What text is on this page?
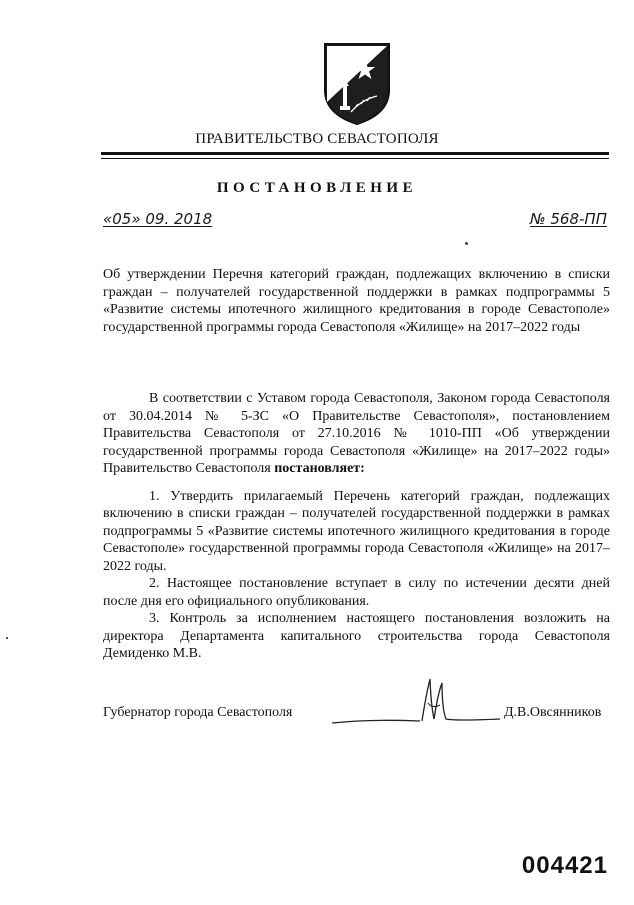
ПРАВИТЕЛЬСТВО СЕВАСТОПОЛЯ
ПОСТАНОВЛЕНИЕ
«05» 09. 2018	№ 568-ПП
Об утверждении Перечня категорий граждан, подлежащих включению в списки граждан – получателей государственной поддержки в рамках подпрограммы 5 «Развитие системы ипотечного жилищного кредитования в городе Севастополе» государственной программы города Севастополя «Жилище» на 2017–2022 годы

В соответствии с Уставом города Севастополя, Законом города Севастополя от 30.04.2014 № 5-ЗС «О Правительстве Севастополя», постановлением Правительства Севастополя от 27.10.2016 № 1010-ПП «Об утверждении государственной программы города Севастополя «Жилище» на 2017–2022 годы» Правительство Севастополя постановляет:

1. Утвердить прилагаемый Перечень категорий граждан, подлежащих включению в списки граждан – получателей государственной поддержки в рамках подпрограммы 5 «Развитие системы ипотечного жилищного кредитования в городе Севастополе» государственной программы города Севастополя «Жилище» на 2017–2022 годы.

2. Настоящее постановление вступает в силу по истечении десяти дней после дня его официального опубликования.

3. Контроль за исполнением настоящего постановления возложить на директора Департамента капитального строительства города Севастополя Демиденко М.В.

Губернатор города Севастополя	Д.В.Овсянников
004421
